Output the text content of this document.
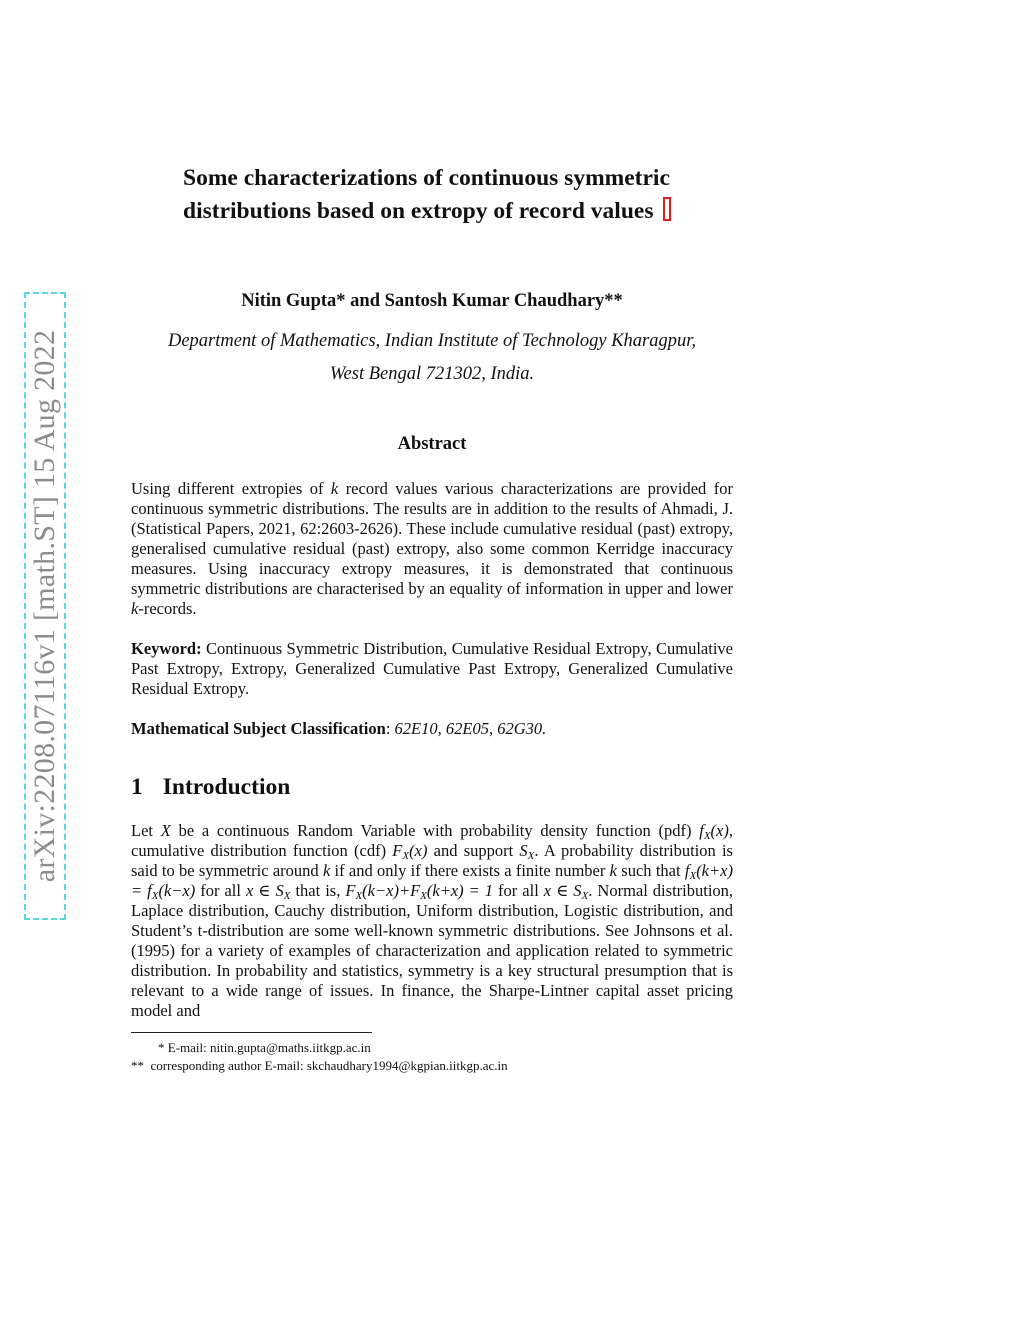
arXiv:2208.07116v1 [math.ST] 15 Aug 2022
Some characterizations of continuous symmetric
distributions based on extropy of record values
Nitin Gupta* and Santosh Kumar Chaudhary**
Department of Mathematics, Indian Institute of Technology Kharagpur,
West Bengal 721302, India.
Abstract

Using different extropies of k record values various characterizations are provided for continuous symmetric distributions. The results are in addition to the results of Ahmadi, J. (Statistical Papers, 2021, 62:2603-2626). These include cumulative residual (past) extropy, generalised cumulative residual (past) extropy, also some common Kerridge inaccuracy measures. Using inaccuracy extropy measures, it is demonstrated that continuous symmetric distributions are characterised by an equality of information in upper and lower k-records.

Keyword: Continuous Symmetric Distribution, Cumulative Residual Extropy, Cumulative Past Extropy, Extropy, Generalized Cumulative Past Extropy, Generalized Cumulative Residual Extropy.

Mathematical Subject Classification: 62E10, 62E05, 62G30.

1 Introduction

Let X be a continuous Random Variable with probability density function (pdf) $f_X(x)$, cumulative distribution function (cdf) $F_X(x)$ and support $S_X$. A probability distribution is said to be symmetric around k if and only if there exists a finite number k such that $f_X(k+x) = f_X(k-x)$ for all x ∈ $S_X$ that is, $F_X(k-x)+F_X(k+x) = 1$ for all x ∈ $S_X$. Normal distribution, Laplace distribution, Cauchy distribution, Uniform distribution, Logistic distribution, and Student’s t-distribution are some well-known symmetric distributions. See Johnsons et al. (1995) for a variety of examples of characterization and application related to symmetric distribution. In probability and statistics, symmetry is a key structural presumption that is relevant to a wide range of issues. In finance, the Sharpe-Lintner capital asset pricing model and

* E-mail: nitin.gupta@maths.iitkgp.ac.in
** corresponding author E-mail: skchaudhary1994@kgpian.iitkgp.ac.in
